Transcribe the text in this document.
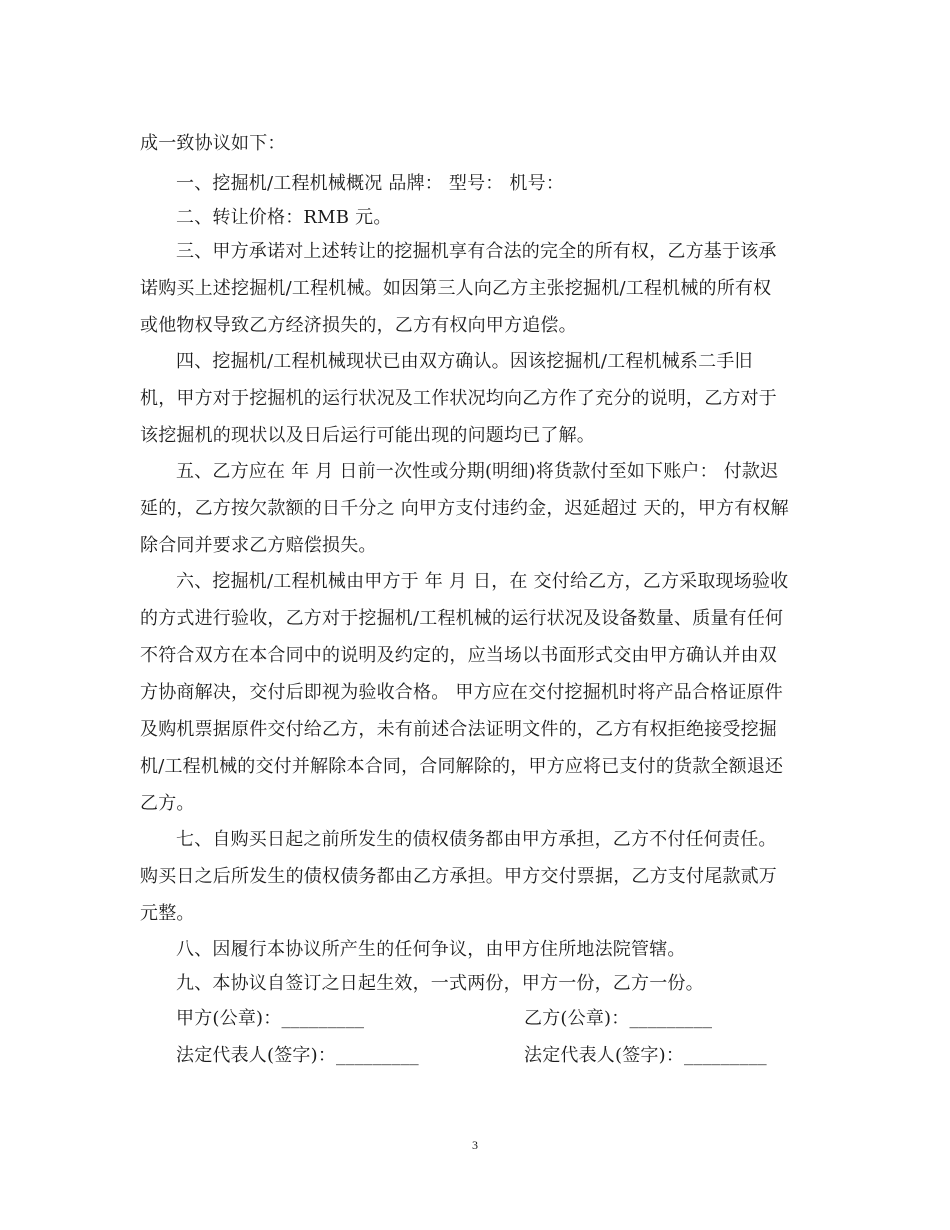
成一致协议如下：
一、挖掘机/工程机械概况 品牌： 型号： 机号：
二、转让价格：RMB 元。
三、甲方承诺对上述转让的挖掘机享有合法的完全的所有权，乙方基于该承
诺购买上述挖掘机/工程机械。如因第三人向乙方主张挖掘机/工程机械的所有权
或他物权导致乙方经济损失的，乙方有权向甲方追偿。
四、挖掘机/工程机械现状已由双方确认。因该挖掘机/工程机械系二手旧
机，甲方对于挖掘机的运行状况及工作状况均向乙方作了充分的说明，乙方对于
该挖掘机的现状以及日后运行可能出现的问题均已了解。
五、乙方应在 年 月 日前一次性或分期(明细)将货款付至如下账户： 付款迟
延的，乙方按欠款额的日千分之 向甲方支付违约金，迟延超过 天的，甲方有权解
除合同并要求乙方赔偿损失。
六、挖掘机/工程机械由甲方于 年 月 日，在 交付给乙方，乙方采取现场验收
的方式进行验收，乙方对于挖掘机/工程机械的运行状况及设备数量、质量有任何
不符合双方在本合同中的说明及约定的，应当场以书面形式交由甲方确认并由双
方协商解决，交付后即视为验收合格。 甲方应在交付挖掘机时将产品合格证原件
及购机票据原件交付给乙方，未有前述合法证明文件的，乙方有权拒绝接受挖掘
机/工程机械的交付并解除本合同，合同解除的，甲方应将已支付的货款全额退还
乙方。
七、自购买日起之前所发生的债权债务都由甲方承担，乙方不付任何责任。
购买日之后所发生的债权债务都由乙方承担。甲方交付票据，乙方支付尾款贰万
元整。
八、因履行本协议所产生的任何争议，由甲方住所地法院管辖。
九、本协议自签订之日起生效，一式两份，甲方一份，乙方一份。
甲方(公章)：_________	乙方(公章)：_________
法定代表人(签字)：_________	法定代表人(签字)：_________
3
